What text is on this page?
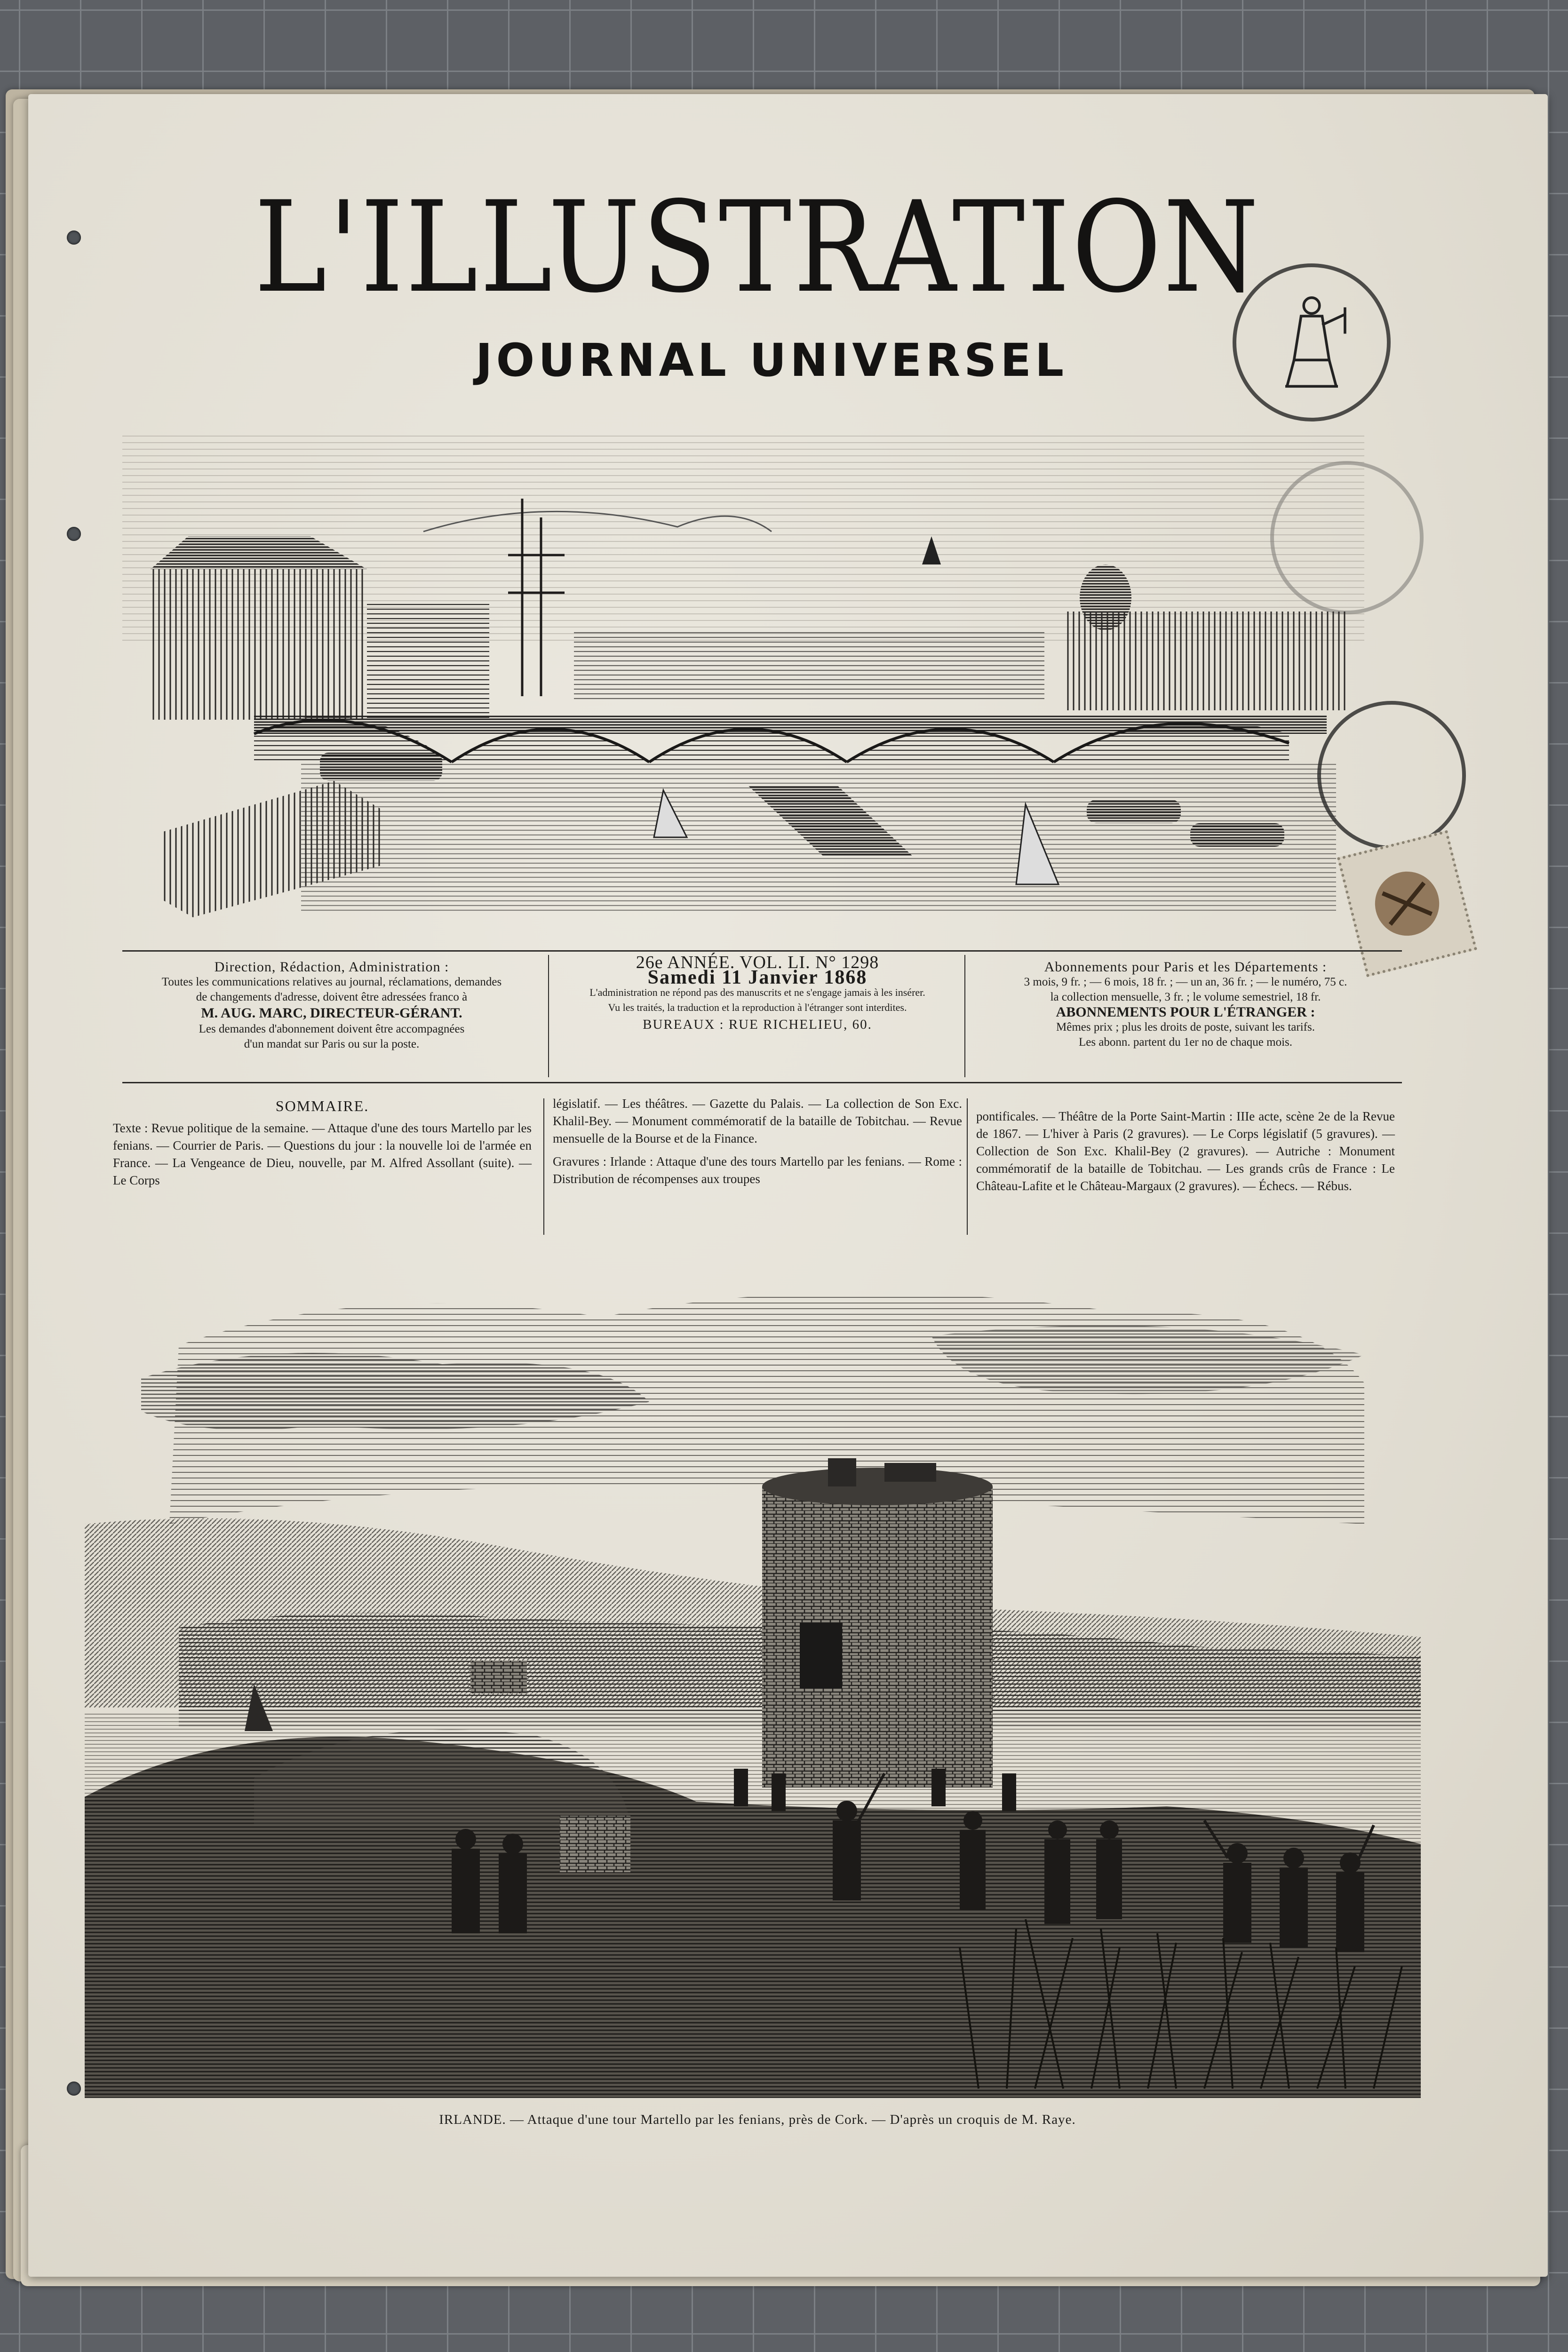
L'ILLUSTRATION
JOURNAL UNIVERSEL
Direction, Rédaction, Administration :
Toutes les communications relatives au journal, réclamations, demandes
de changements d'adresse, doivent être adressées franco à
M. AUG. MARC, DIRECTEUR-GÉRANT.
Les demandes d'abonnement doivent être accompagnées
d'un mandat sur Paris ou sur la poste.
26e ANNÉE. VOL. LI. N° 1298
Samedi 11 Janvier 1868
L'administration ne répond pas des manuscrits et ne s'engage jamais à les insérer.
Vu les traités, la traduction et la reproduction à l'étranger sont interdites.
BUREAUX : RUE RICHELIEU, 60.
Abonnements pour Paris et les Départements :
3 mois, 9 fr. ; — 6 mois, 18 fr. ; — un an, 36 fr. ; — le numéro, 75 c.
la collection mensuelle, 3 fr. ; le volume semestriel, 18 fr.
ABONNEMENTS POUR L'ÉTRANGER :
Mêmes prix ; plus les droits de poste, suivant les tarifs.
Les abonn. partent du 1er no de chaque mois.
SOMMAIRE.
Texte : Revue politique de la semaine. — Attaque d'une des tours Martello par les fenians. — Courrier de Paris. — Questions du jour : la nouvelle loi de l'armée en France. — La Vengeance de Dieu, nouvelle, par M. Alfred Assollant (suite). — Le Corps
législatif. — Les théâtres. — Gazette du Palais. — La collection de Son Exc. Khalil-Bey. — Monument commémoratif de la bataille de Tobitchau. — Revue mensuelle de la Bourse et de la Finance.
Gravures : Irlande : Attaque d'une des tours Martello par les fenians. — Rome : Distribution de récompenses aux troupes
pontificales. — Théâtre de la Porte Saint-Martin : IIIe acte, scène 2e de la Revue de 1867. — L'hiver à Paris (2 gravures). — Le Corps législatif (5 gravures). — Collection de Son Exc. Khalil-Bey (2 gravures). — Autriche : Monument commémoratif de la bataille de Tobitchau. — Les grands crûs de France : Le Château-Lafite et le Château-Margaux (2 gravures). — Échecs. — Rébus.
IRLANDE. — Attaque d'une tour Martello par les fenians, près de Cork. — D'après un croquis de M. Raye.
